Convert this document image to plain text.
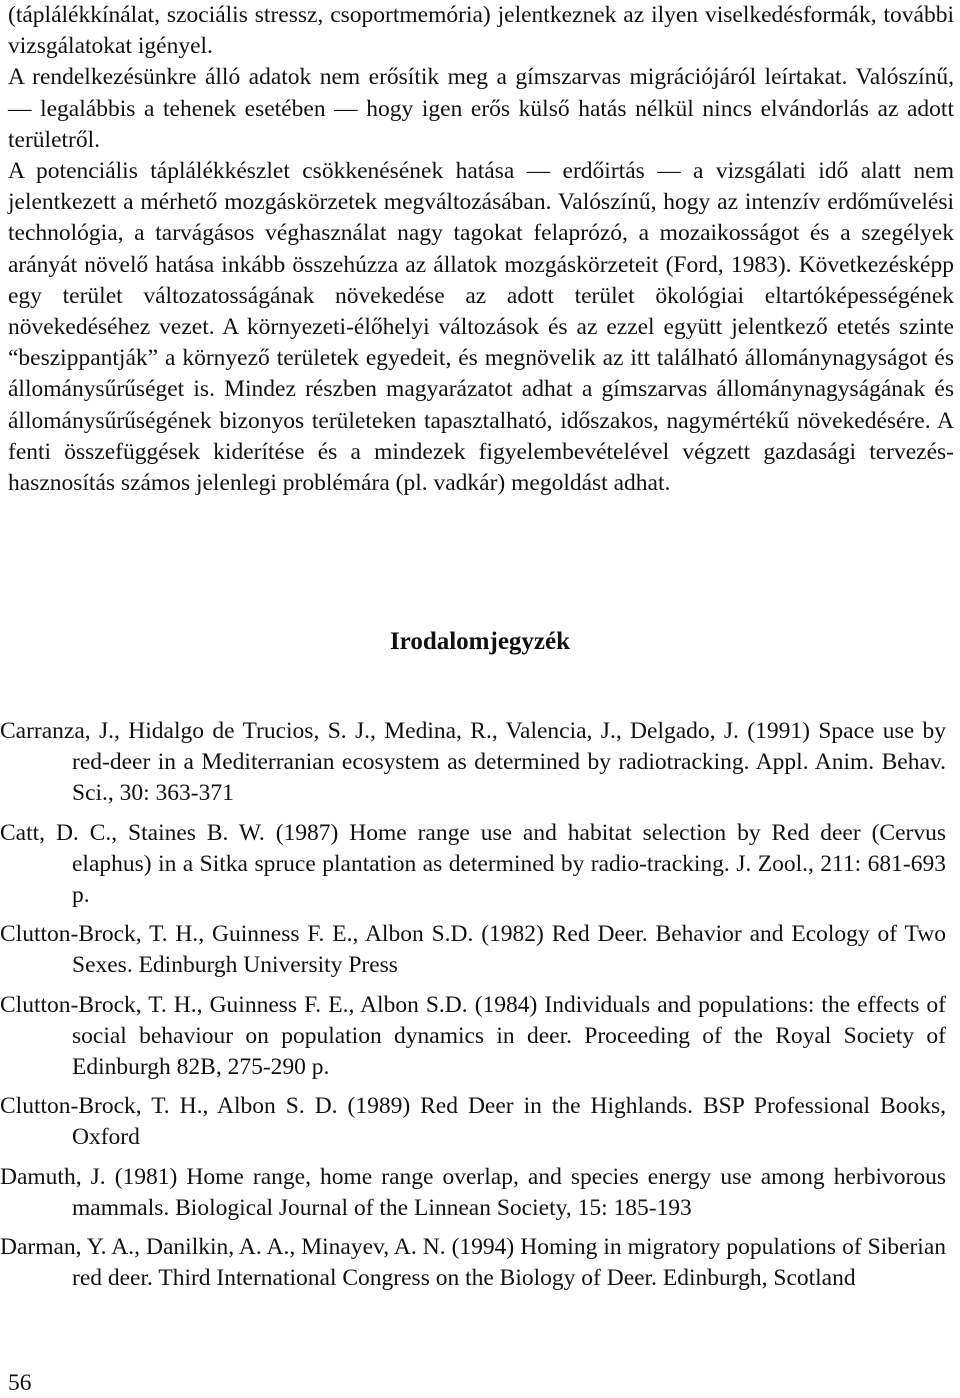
(táplálékkínálat, szociális stressz, csoportmemória) jelentkeznek az ilyen viselkedésformák, további vizsgálatokat igényel.

A rendelkezésünkre álló adatok nem erősítik meg a gímszarvas migrációjáról leírtakat. Valószínű, — legalábbis a tehenek esetében — hogy igen erős külső hatás nélkül nincs elvándorlás az adott területről.

A potenciális táplálékkészlet csökkenésének hatása — erdőirtás — a vizsgálati idő alatt nem jelentkezett a mérhető mozgáskörzetek megváltozásában. Valószínű, hogy az intenzív erdőművelési technológia, a tarvágásos véghasználat nagy tagokat felaprózó, a mozaikosságot és a szegélyek arányát növelő hatása inkább összehúzza az állatok mozgáskörzeteit (Ford, 1983). Következésképp egy terület változatosságának növekedése az adott terület ökológiai eltartóképességének növekedéséhez vezet. A környezeti-élőhelyi változások és az ezzel együtt jelentkező etetés szinte “beszippantják” a környező területek egyedeit, és megnövelik az itt található állománynagyságot és állománysűrűséget is. Mindez részben magyarázatot adhat a gímszarvas állománynagyságának és állománysűrűségének bizonyos területeken tapasztalható, időszakos, nagymértékű növekedésére. A fenti összefüggések kiderítése és a mindezek figyelembevételével végzett gazdasági tervezés-hasznosítás számos jelenlegi problémára (pl. vadkár) megoldást adhat.

Irodalomjegyzék

Carranza, J., Hidalgo de Trucios, S. J., Medina, R., Valencia, J., Delgado, J. (1991) Space use by red-deer in a Mediterranian ecosystem as determined by radiotracking. Appl. Anim. Behav. Sci., 30: 363-371

Catt, D. C., Staines B. W. (1987) Home range use and habitat selection by Red deer (Cervus elaphus) in a Sitka spruce plantation as determined by radio-tracking. J. Zool., 211: 681-693 p.

Clutton-Brock, T. H., Guinness F. E., Albon S.D. (1982) Red Deer. Behavior and Ecology of Two Sexes. Edinburgh University Press

Clutton-Brock, T. H., Guinness F. E., Albon S.D. (1984) Individuals and populations: the effects of social behaviour on population dynamics in deer. Proceeding of the Royal Society of Edinburgh 82B, 275-290 p.

Clutton-Brock, T. H., Albon S. D. (1989) Red Deer in the Highlands. BSP Professional Books, Oxford

Damuth, J. (1981) Home range, home range overlap, and species energy use among herbivorous mammals. Biological Journal of the Linnean Society, 15: 185-193

Darman, Y. A., Danilkin, A. A., Minayev, A. N. (1994) Homing in migratory populations of Siberian red deer. Third International Congress on the Biology of Deer. Edinburgh, Scotland

56
